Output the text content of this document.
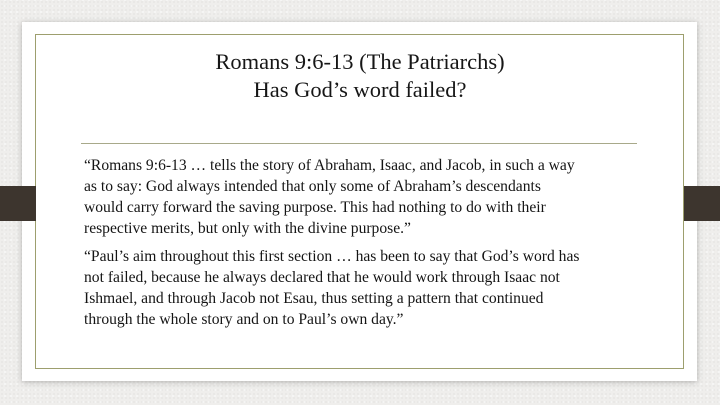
Romans 9:6-13 (The Patriarchs)
Has God’s word failed?

“Romans 9:6-13 … tells the story of Abraham, Isaac, and Jacob, in such a way
as to say: God always intended that only some of Abraham’s descendants
would carry forward the saving purpose. This had nothing to do with their
respective merits, but only with the divine purpose.”

“Paul’s aim throughout this first section … has been to say that God’s word has
not failed, because he always declared that he would work through Isaac not
Ishmael, and through Jacob not Esau, thus setting a pattern that continued
through the whole story and on to Paul’s own day.”
